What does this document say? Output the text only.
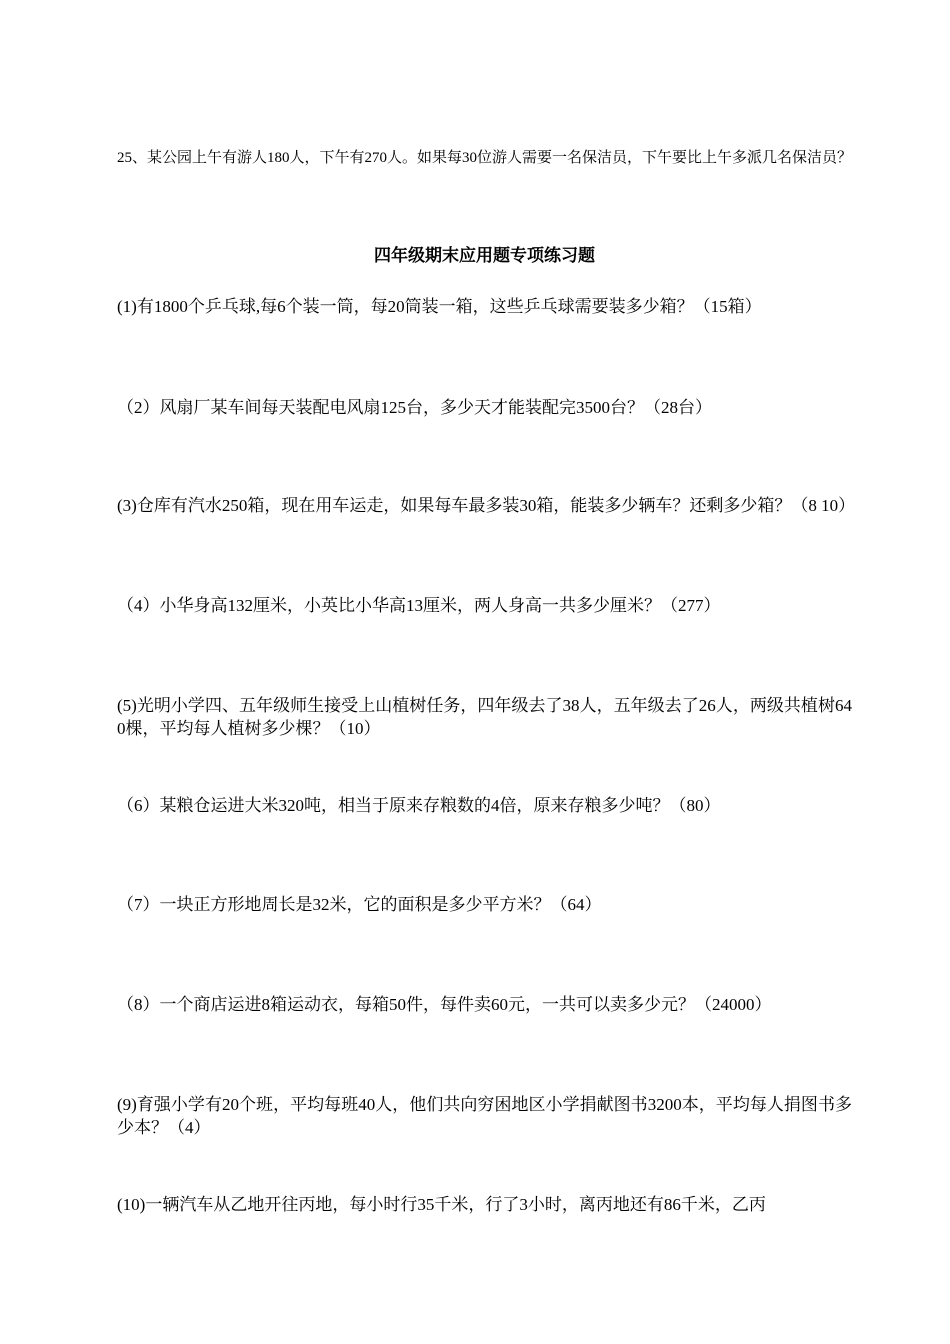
25、某公园上午有游人180人，下午有270人。如果每30位游人需要一名保洁员，下午要比上午多派几名保洁员？
四年级期末应用题专项练习题
(1)有1800个乒乓球,每6个装一筒，每20筒装一箱，这些乒乓球需要装多少箱？（15箱）
（2）风扇厂某车间每天装配电风扇125台，多少天才能装配完3500台？（28台）
(3)仓库有汽水250箱，现在用车运走，如果每车最多装30箱，能装多少辆车？还剩多少箱？（8 10）
（4）小华身高132厘米，小英比小华高13厘米，两人身高一共多少厘米？（277）
(5)光明小学四、五年级师生接受上山植树任务，四年级去了38人，五年级去了26人，两级共植树640棵，平均每人植树多少棵？（10）
（6）某粮仓运进大米320吨，相当于原来存粮数的4倍，原来存粮多少吨？（80）
（7）一块正方形地周长是32米，它的面积是多少平方米？（64）
（8）一个商店运进8箱运动衣，每箱50件，每件卖60元，一共可以卖多少元？（24000）
(9)育强小学有20个班，平均每班40人，他们共向穷困地区小学捐献图书3200本，平均每人捐图书多少本？（4）
(10)一辆汽车从乙地开往丙地，每小时行35千米，行了3小时，离丙地还有86千米，乙丙
